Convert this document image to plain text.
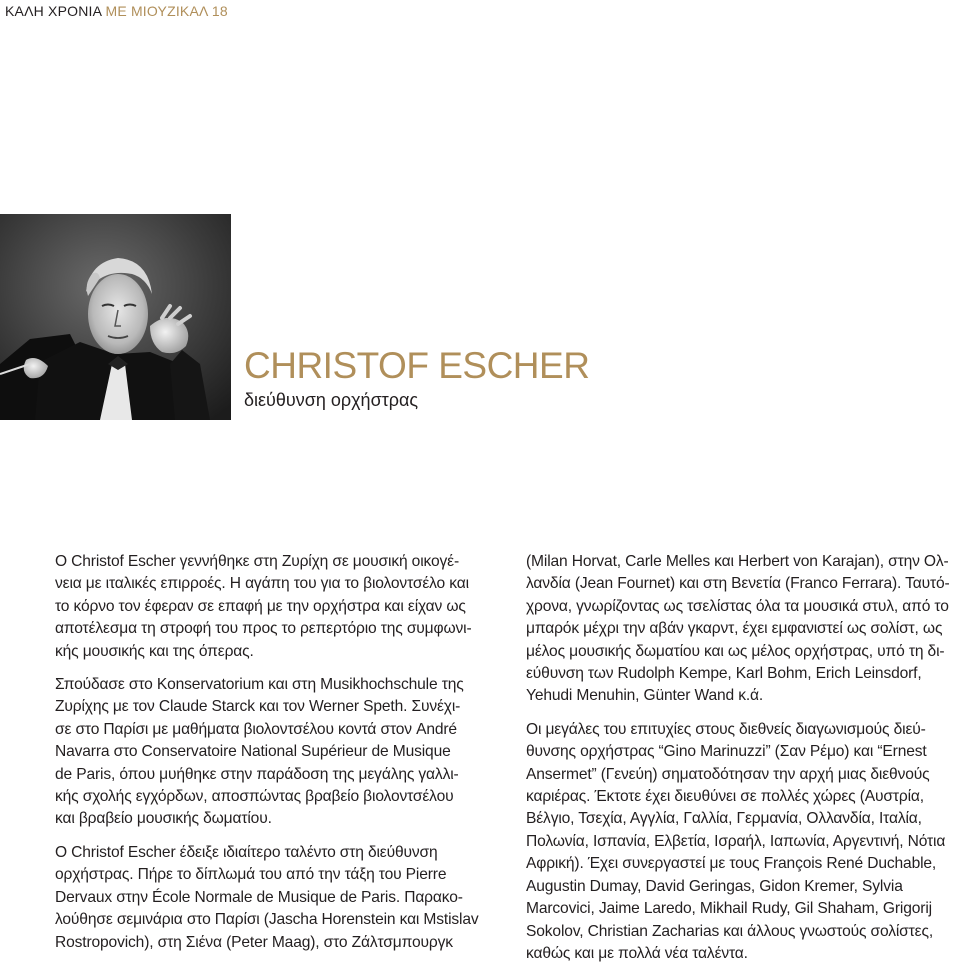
ΚΑΛΗ ΧΡΟΝΙΑ ΜΕ ΜΙΟΥΖΙΚΑΛ 18
CHRISTOF ESCHER

διεύθυνση ορχήστρας

Ο Christof Escher γεννήθηκε στη Ζυρίχη σε μουσική οικογέ-
νεια με ιταλικές επιρροές. Η αγάπη του για το βιολοντσέλο και
το κόρνο τον έφεραν σε επαφή με την ορχήστρα και είχαν ως
αποτέλεσμα τη στροφή του προς το ρεπερτόριο της συμφωνι-
κής μουσικής και της όπερας.

Σπούδασε στο Konservatorium και στη Musikhochschule της
Ζυρίχης με τον Claude Starck και τον Werner Speth. Συνέχι-
σε στο Παρίσι με μαθήματα βιολοντσέλου κοντά στον André
Navarra στο Conservatoire National Supérieur de Musique
de Paris, όπου μυήθηκε στην παράδοση της μεγάλης γαλλι-
κής σχολής εγχόρδων, αποσπώντας βραβείο βιολοντσέλου
και βραβείο μουσικής δωματίου.

Ο Christof Escher έδειξε ιδιαίτερο ταλέντο στη διεύθυνση
ορχήστρας. Πήρε το δίπλωμά του από την τάξη του Pierre
Dervaux στην École Normale de Musique de Paris. Παρακο-
λούθησε σεμινάρια στο Παρίσι (Jascha Horenstein και Mstislav
Rostropovich), στη Σιένα (Peter Maag), στο Ζάλτσμπουργκ

(Milan Horvat, Carle Melles και Herbert von Karajan), στην Ολ-
λανδία (Jean Fournet) και στη Βενετία (Franco Ferrara). Ταυτό-
χρονα, γνωρίζοντας ως τσελίστας όλα τα μουσικά στυλ, από το
μπαρόκ μέχρι την αβάν γκαρντ, έχει εμφανιστεί ως σολίστ, ως
μέλος μουσικής δωματίου και ως μέλος ορχήστρας, υπό τη δι-
εύθυνση των Rudolph Kempe, Karl Bohm, Erich Leinsdorf,
Yehudi Menuhin, Günter Wand κ.ά.

Οι μεγάλες του επιτυχίες στους διεθνείς διαγωνισμούς διεύ-
θυνσης ορχήστρας “Gino Marinuzzi” (Σαν Ρέμο) και “Ernest
Ansermet” (Γενεύη) σηματοδότησαν την αρχή μιας διεθνούς
καριέρας. Έκτοτε έχει διευθύνει σε πολλές χώρες (Αυστρία,
Βέλγιο, Τσεχία, Αγγλία, Γαλλία, Γερμανία, Ολλανδία, Ιταλία,
Πολωνία, Ισπανία, Ελβετία, Ισραήλ, Ιαπωνία, Αργεντινή, Νότια
Αφρική). Έχει συνεργαστεί με τους François René Duchable,
Augustin Dumay, David Geringas, Gidon Kremer, Sylvia
Marcovici, Jaime Laredo, Mikhail Rudy, Gil Shaham, Grigorij
Sokolov, Christian Zacharias και άλλους γνωστούς σολίστες,
καθώς και με πολλά νέα ταλέντα.
